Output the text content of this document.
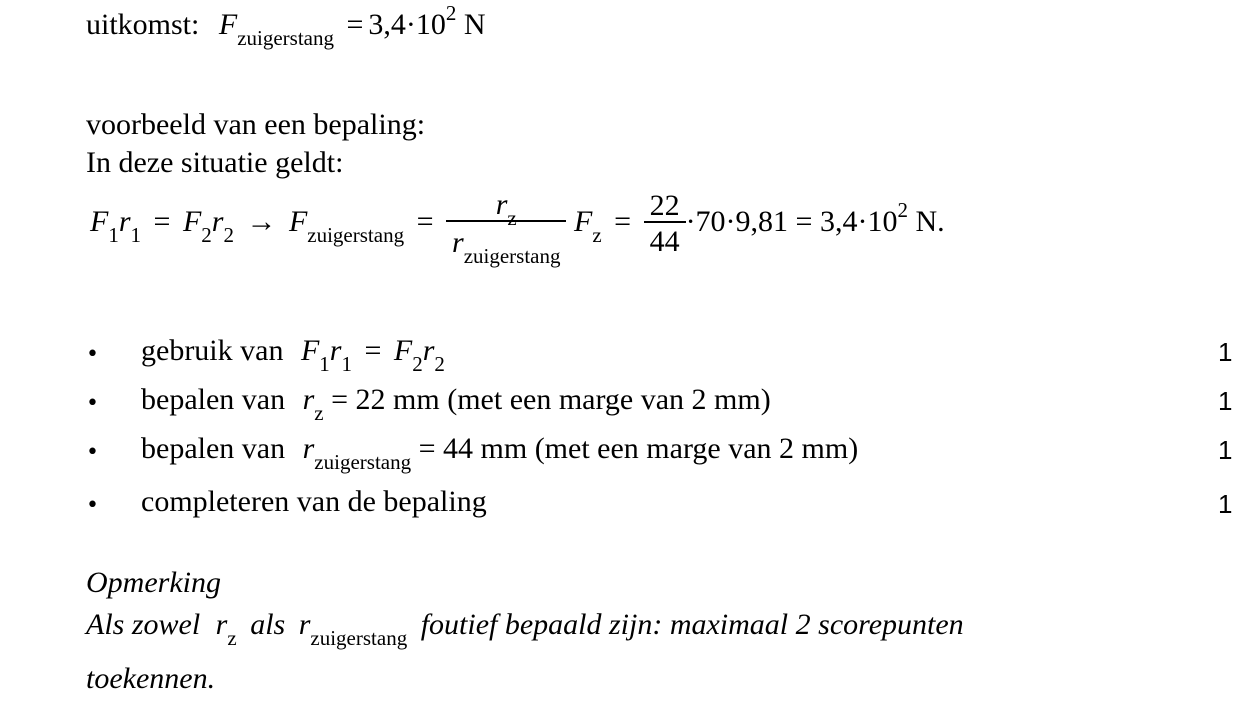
uitkomst: $F_{zuigerstang} = 3,4\cdot 10^2$ N
voorbeeld van een bepaling:
In deze situatie geldt:
$F_1r_1 = F_2r_2 \to F_{zuigerstang} = \frac{r_z}{r_{zuigerstang}} F_z = \frac{22}{44} \cdot 70\cdot 9,81 = 3,4\cdot 10^2$ N.
• gebruik van $F_1r_1 = F_2r_2$	1
• bepalen van $r_z = 22$ mm (met een marge van 2 mm)	1
• bepalen van $r_{zuigerstang} = 44$ mm (met een marge van 2 mm)	1
• completeren van de bepaling	1
Opmerking
Als zowel $r_z$ als $r_{zuigerstang}$ foutief bepaald zijn: maximaal 2 scorepunten
toekennen.
